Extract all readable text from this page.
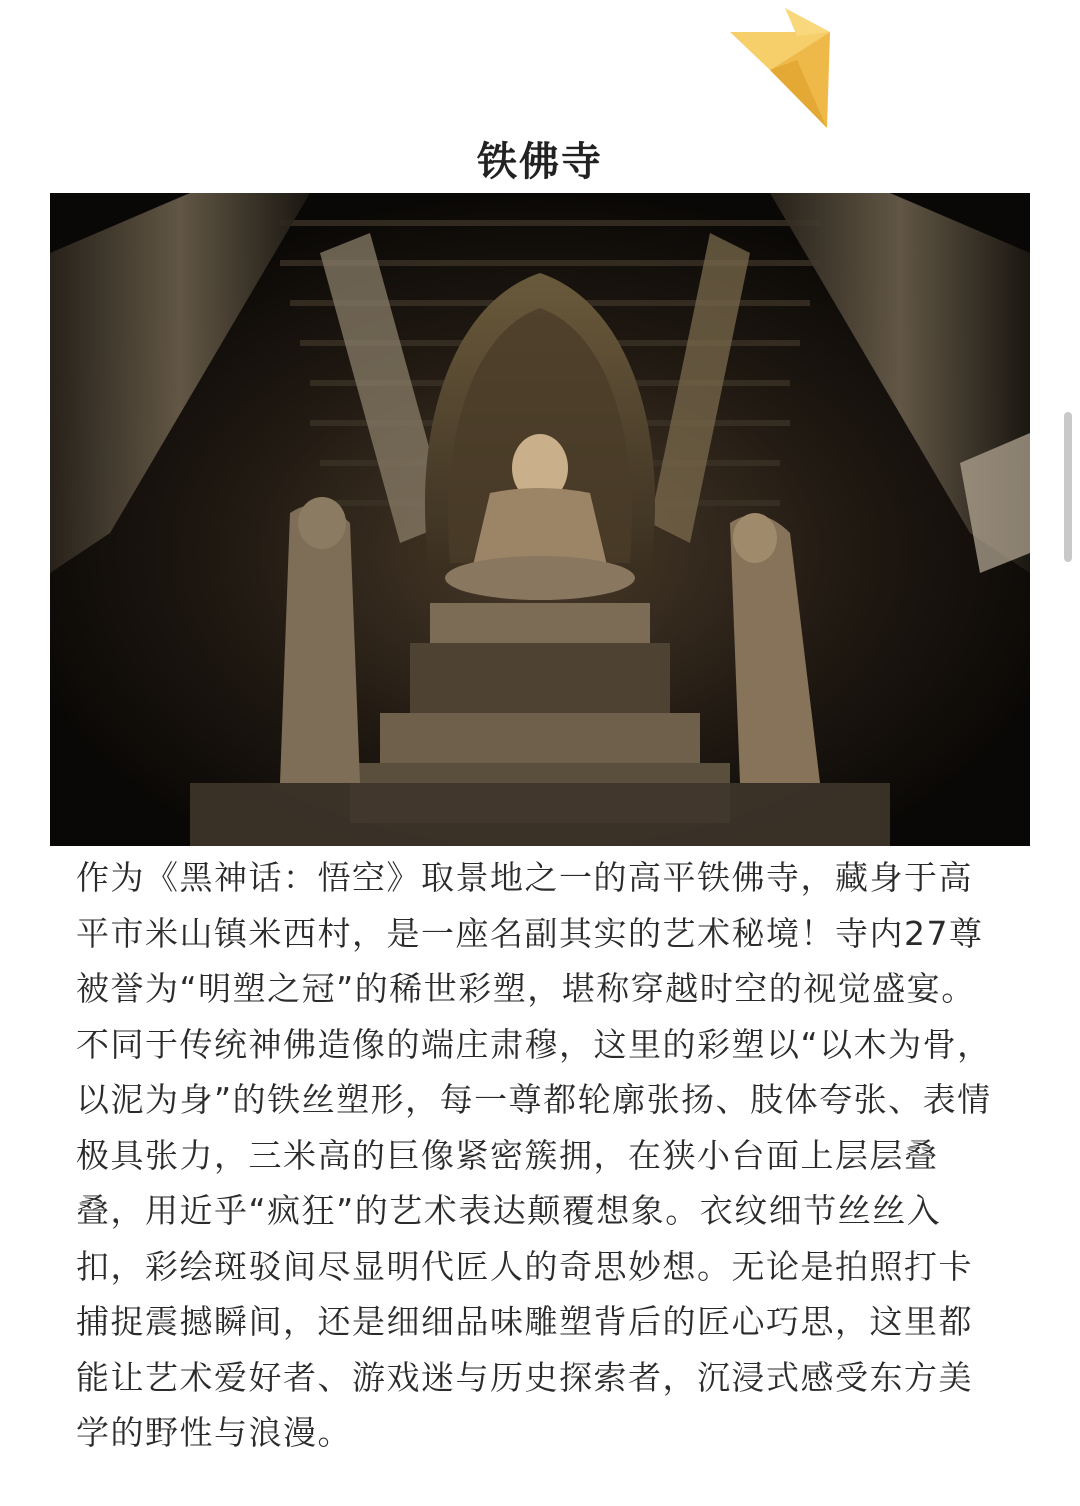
铁佛寺

作为《黑神话：悟空》取景地之一的高平铁佛寺，藏身于高平市米山镇米西村，是一座名副其实的艺术秘境！寺内27尊被誉为“明塑之冠”的稀世彩塑，堪称穿越时空的视觉盛宴。

不同于传统神佛造像的端庄肃穆，这里的彩塑以“以木为骨，以泥为身”的铁丝塑形，每一尊都轮廓张扬、肢体夸张、表情极具张力，三米高的巨像紧密簇拥，在狭小台面上层层叠叠，用近乎“疯狂”的艺术表达颠覆想象。衣纹细节丝丝入扣，彩绘斑驳间尽显明代匠人的奇思妙想。无论是拍照打卡捕捉震撼瞬间，还是细细品味雕塑背后的匠心巧思，这里都能让艺术爱好者、游戏迷与历史探索者，沉浸式感受东方美学的野性与浪漫。
